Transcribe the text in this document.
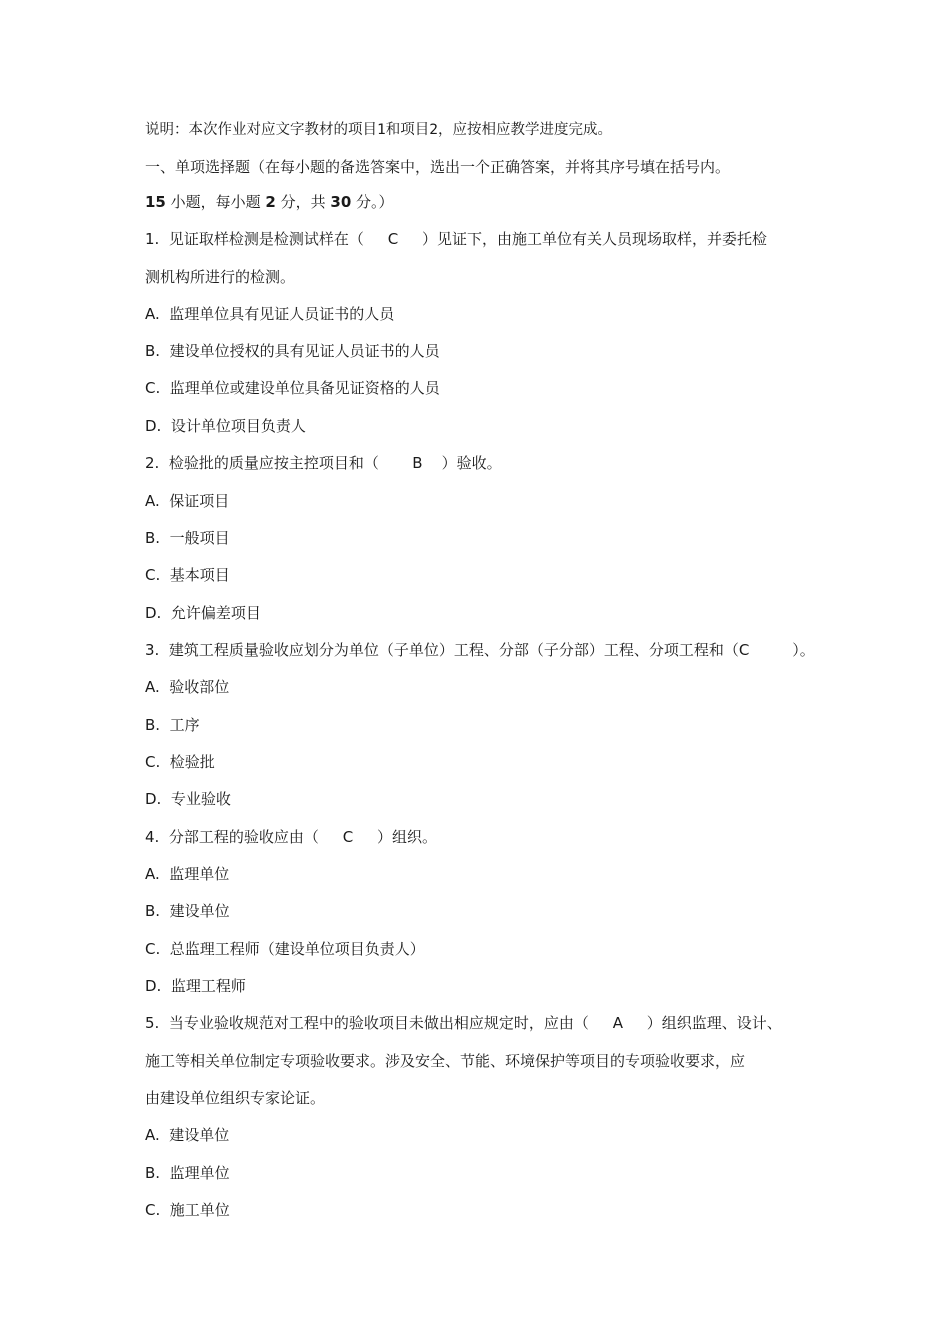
说明：本次作业对应文字教材的项目1和项目2，应按相应教学进度完成。
一、单项选择题（在每小题的备选答案中，选出一个正确答案，并将其序号填在括号内。
15 小题，每小题 2 分，共 30 分。）
1.  见证取样检测是检测试样在（     C     ）见证下，由施工单位有关人员现场取样，并委托检
测机构所进行的检测。
A.  监理单位具有见证人员证书的人员
B.  建设单位授权的具有见证人员证书的人员
C.  监理单位或建设单位具备见证资格的人员
D.  设计单位项目负责人
2.  检验批的质量应按主控项目和（       B    ）验收。
A.  保证项目
B.  一般项目
C.  基本项目
D.  允许偏差项目
3.  建筑工程质量验收应划分为单位（子单位）工程、分部（子分部）工程、分项工程和（C         ）。
A.  验收部位
B.  工序
C.  检验批
D.  专业验收
4.  分部工程的验收应由（     C     ）组织。
A.  监理单位
B.  建设单位
C.  总监理工程师（建设单位项目负责人）
D.  监理工程师
5.  当专业验收规范对工程中的验收项目未做出相应规定时，应由（     A     ）组织监理、设计、
施工等相关单位制定专项验收要求。涉及安全、节能、环境保护等项目的专项验收要求，应
由建设单位组织专家论证。
A.  建设单位
B.  监理单位
C.  施工单位
